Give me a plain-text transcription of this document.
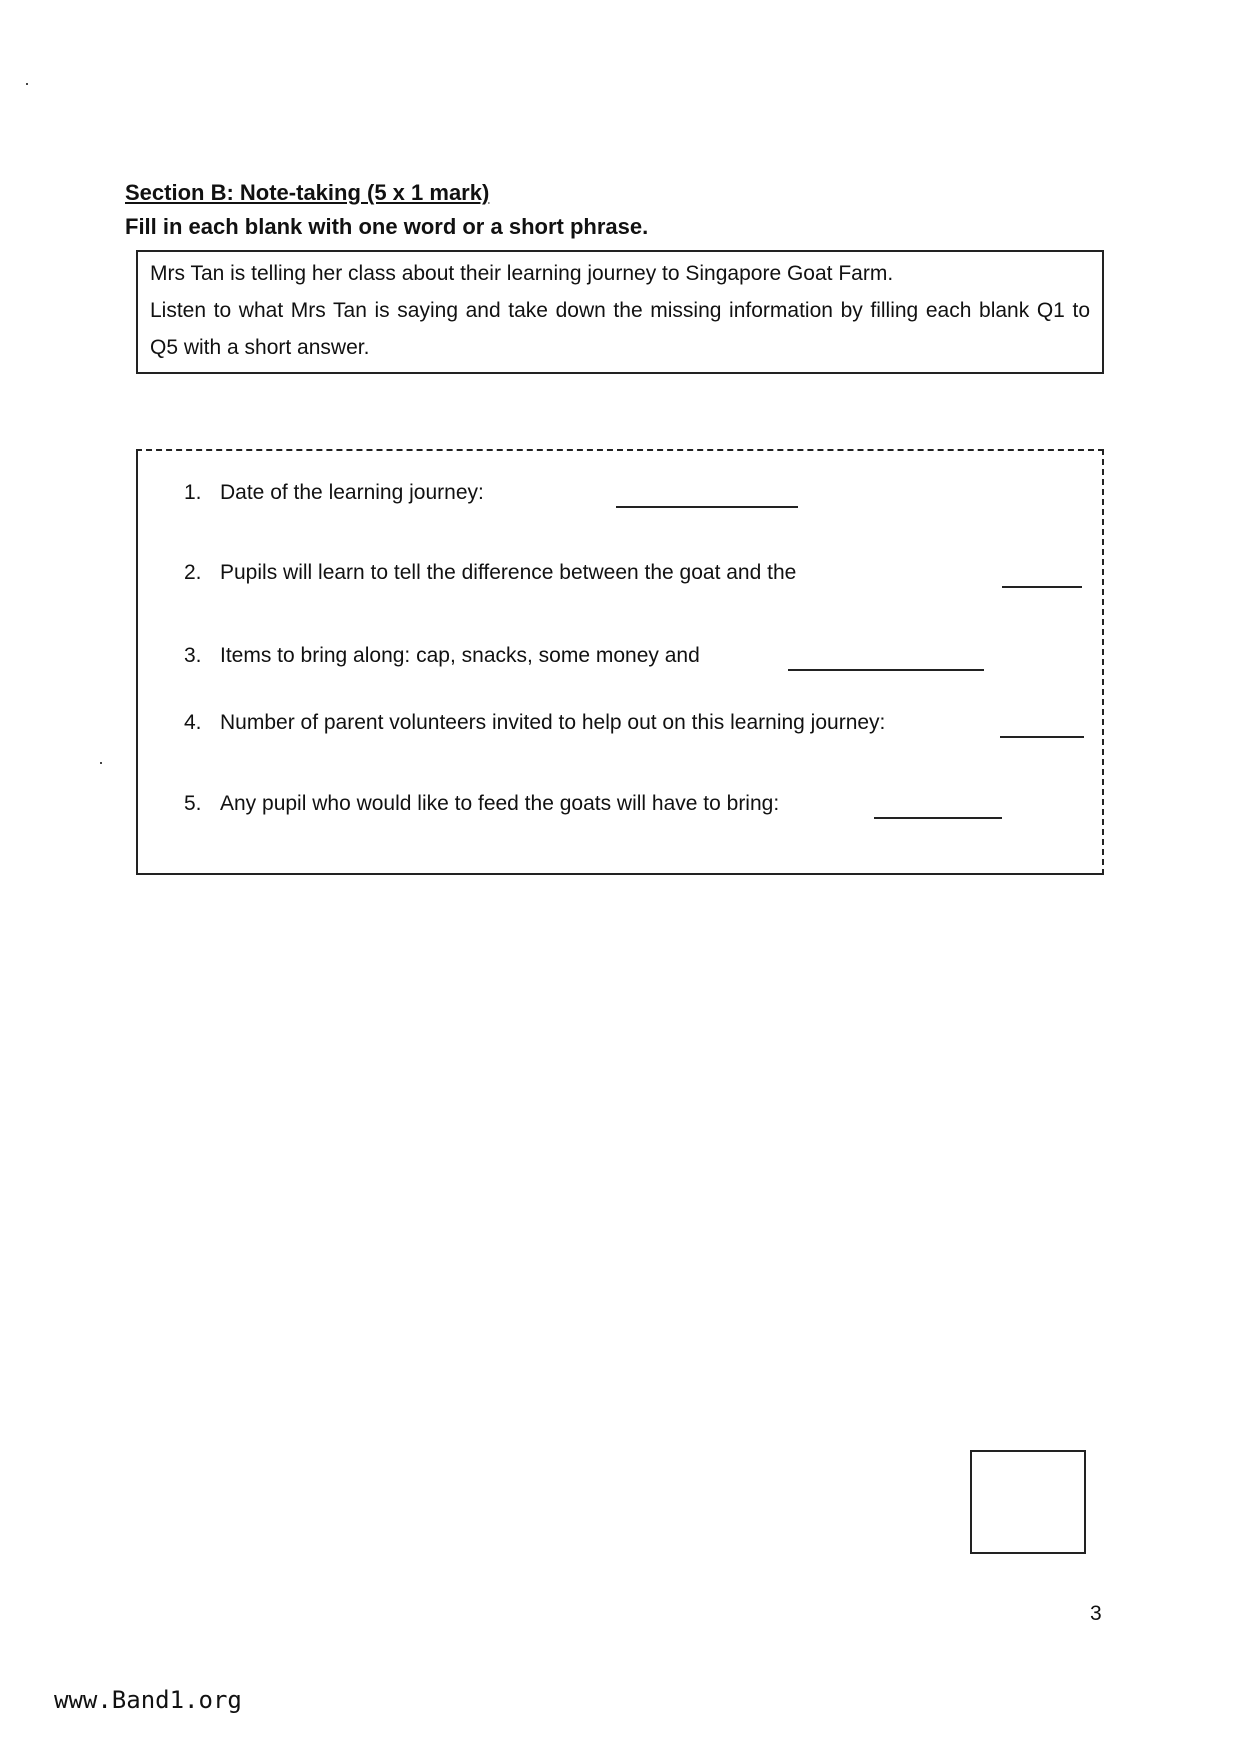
Section B: Note-taking (5 x 1 mark)
Fill in each blank with one word or a short phrase.

Mrs Tan is telling her class about their learning journey to Singapore Goat Farm.

Listen to what Mrs Tan is saying and take down the missing information by filling each blank Q1 to Q5 with a short answer.

1. Date of the learning journey:
2. Pupils will learn to tell the difference between the goat and the
3. Items to bring along: cap, snacks, some money and
4. Number of parent volunteers invited to help out on this learning journey:
5. Any pupil who would like to feed the goats will have to bring:
3
www.Band1.org
